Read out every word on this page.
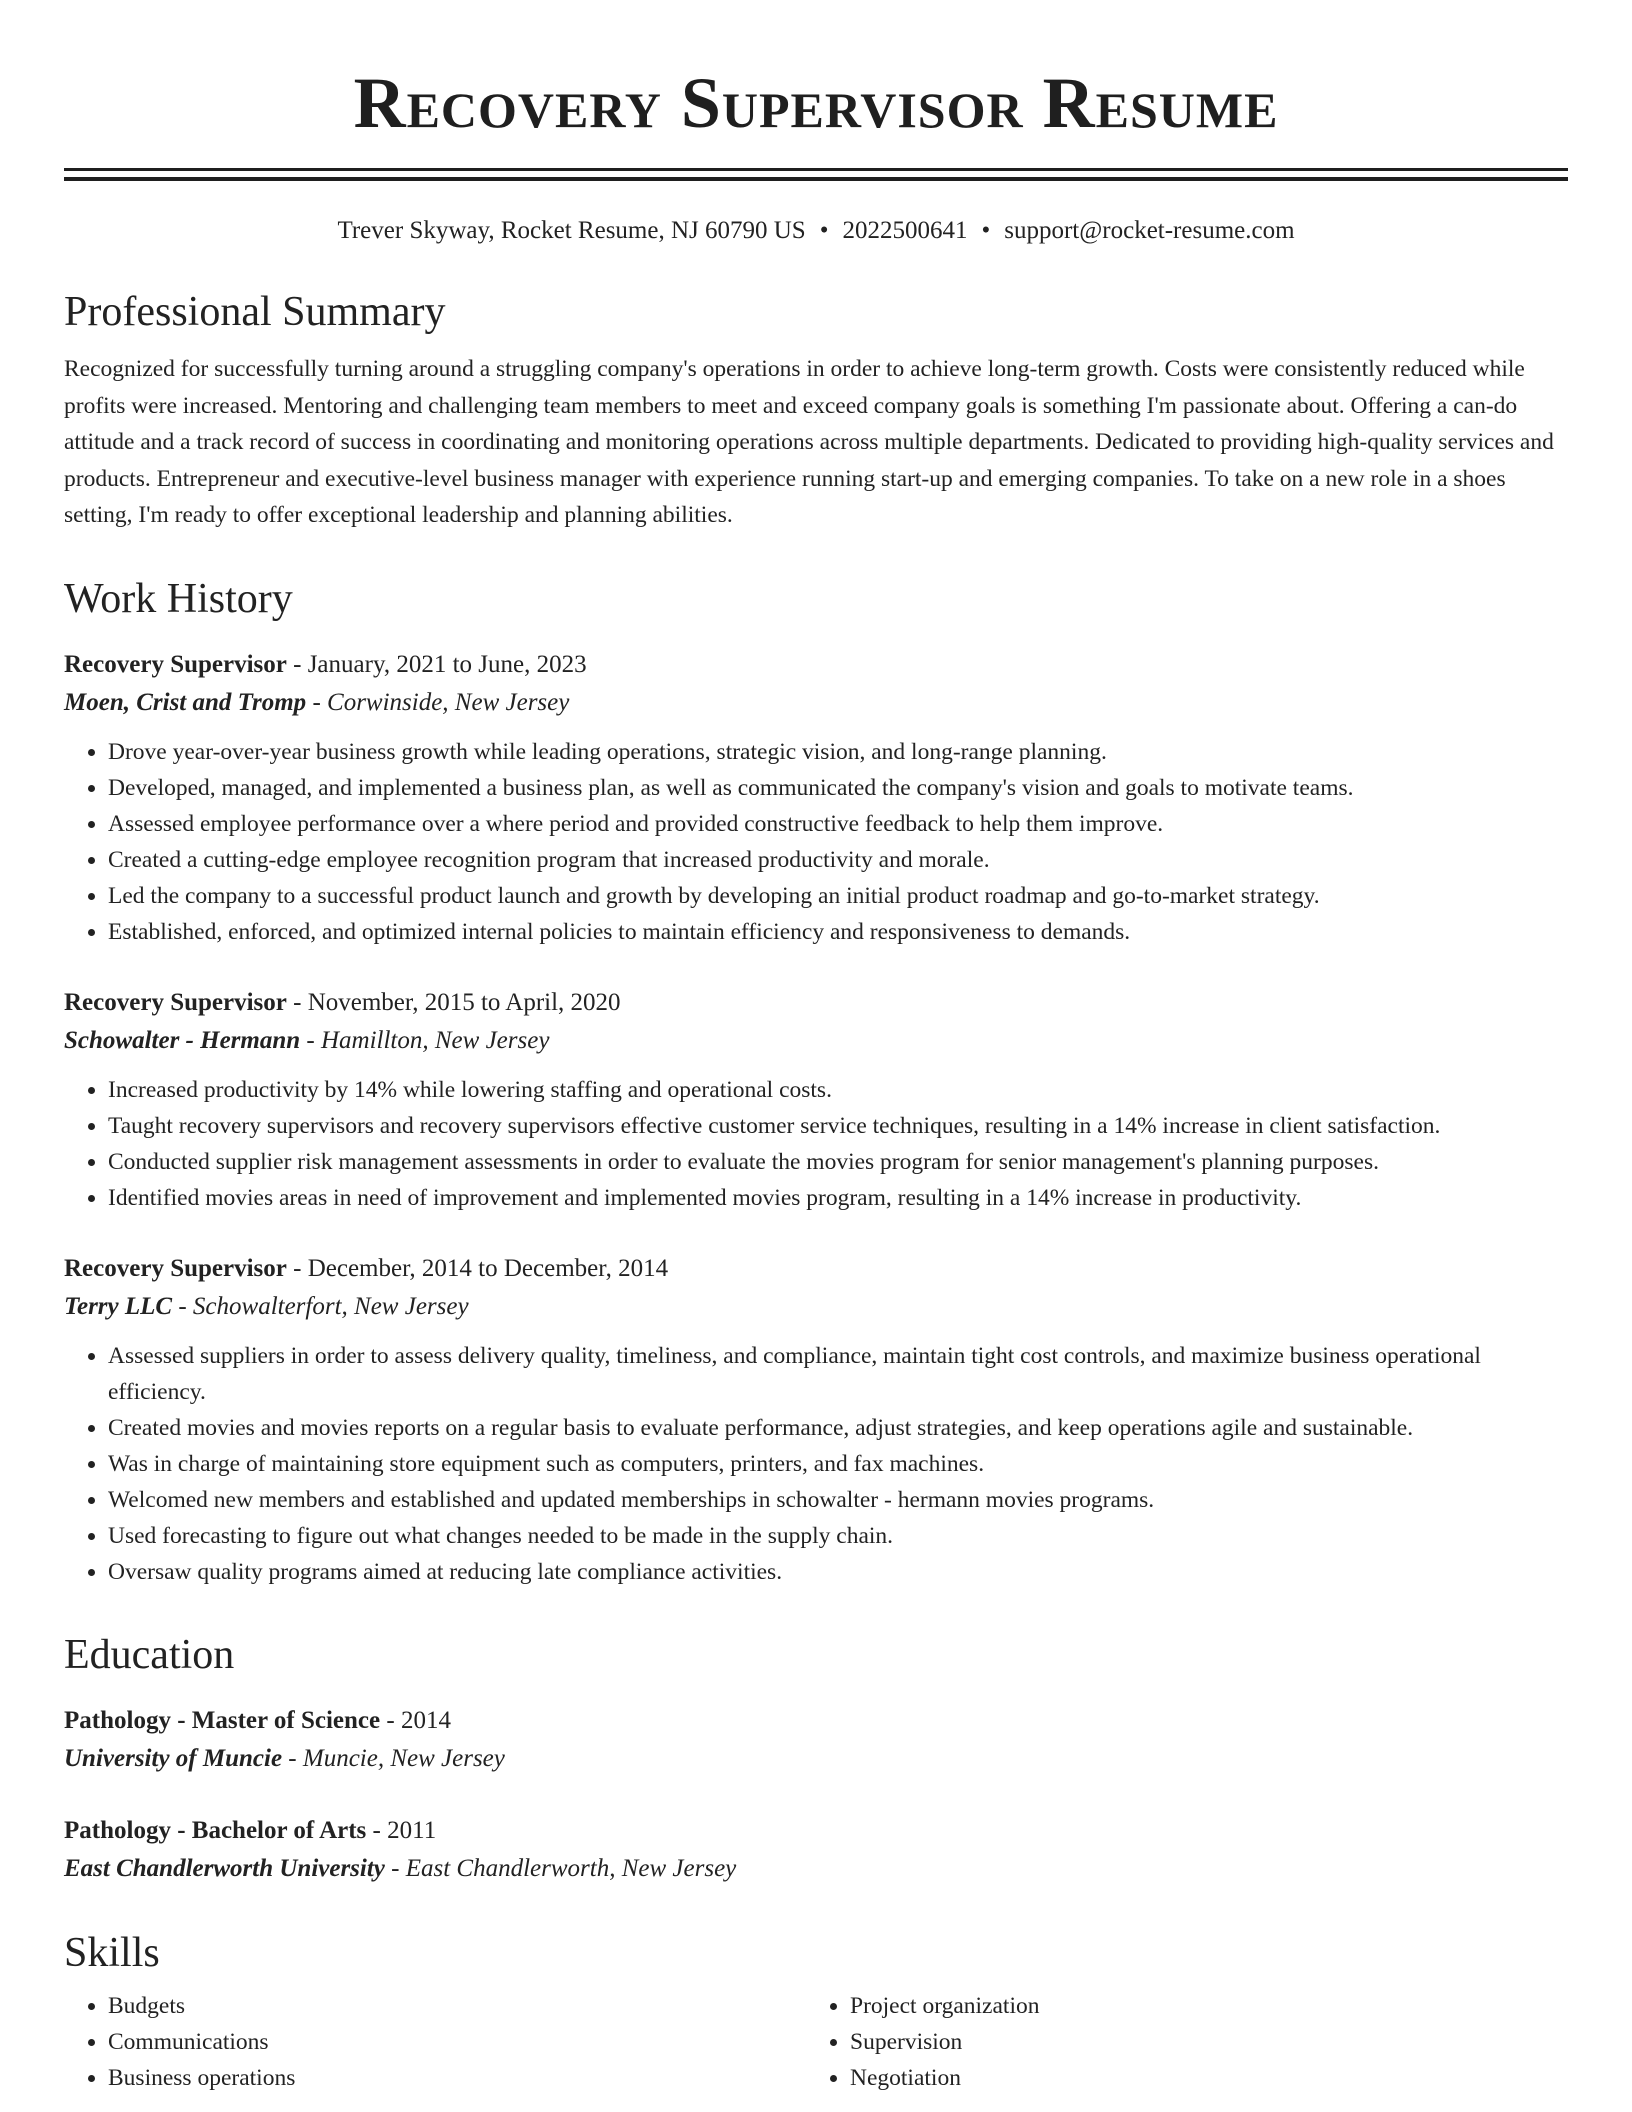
Recovery Supervisor Resume
Trever Skyway, Rocket Resume, NJ 60790 US • 2022500641 • support@rocket-resume.com
Professional Summary

Recognized for successfully turning around a struggling company's operations in order to achieve long-term growth. Costs were consistently reduced while profits were increased. Mentoring and challenging team members to meet and exceed company goals is something I'm passionate about. Offering a can-do attitude and a track record of success in coordinating and monitoring operations across multiple departments. Dedicated to providing high-quality services and products. Entrepreneur and executive-level business manager with experience running start-up and emerging companies. To take on a new role in a shoes setting, I'm ready to offer exceptional leadership and planning abilities.

Work History
Recovery Supervisor - January, 2021 to June, 2023
Moen, Crist and Tromp - Corwinside, New Jersey
• Drove year-over-year business growth while leading operations, strategic vision, and long-range planning.
• Developed, managed, and implemented a business plan, as well as communicated the company's vision and goals to motivate teams.
• Assessed employee performance over a where period and provided constructive feedback to help them improve.
• Created a cutting-edge employee recognition program that increased productivity and morale.
• Led the company to a successful product launch and growth by developing an initial product roadmap and go-to-market strategy.
• Established, enforced, and optimized internal policies to maintain efficiency and responsiveness to demands.
Recovery Supervisor - November, 2015 to April, 2020
Schowalter - Hermann - Hamillton, New Jersey
• Increased productivity by 14% while lowering staffing and operational costs.
• Taught recovery supervisors and recovery supervisors effective customer service techniques, resulting in a 14% increase in client satisfaction.
• Conducted supplier risk management assessments in order to evaluate the movies program for senior management's planning purposes.
• Identified movies areas in need of improvement and implemented movies program, resulting in a 14% increase in productivity.
Recovery Supervisor - December, 2014 to December, 2014
Terry LLC - Schowalterfort, New Jersey
• Assessed suppliers in order to assess delivery quality, timeliness, and compliance, maintain tight cost controls, and maximize business operational efficiency.
• Created movies and movies reports on a regular basis to evaluate performance, adjust strategies, and keep operations agile and sustainable.
• Was in charge of maintaining store equipment such as computers, printers, and fax machines.
• Welcomed new members and established and updated memberships in schowalter - hermann movies programs.
• Used forecasting to figure out what changes needed to be made in the supply chain.
• Oversaw quality programs aimed at reducing late compliance activities.
Education
Pathology - Master of Science - 2014
University of Muncie - Muncie, New Jersey
Pathology - Bachelor of Arts - 2011
East Chandlerworth University - East Chandlerworth, New Jersey
Skills
• Budgets
• Communications
• Business operations
• Project organization
• Supervision
• Negotiation
